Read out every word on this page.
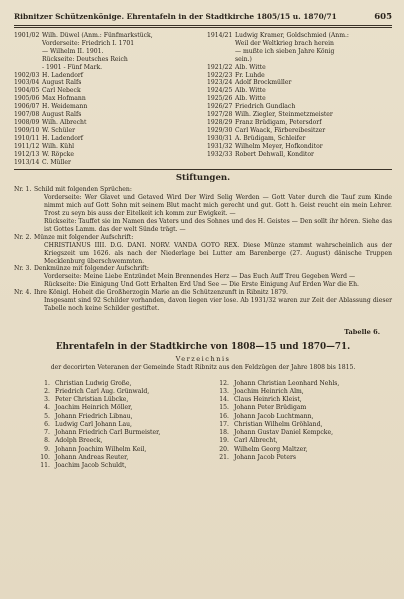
Ribnitzer Schützenkönige. Ehrentafeln in der Stadtkirche 1805/15 u. 1870/71	605
1901/02 Wilh. Düwel (Anm.: Fünfmarkstück,
Vorderseite: Friedrich I. 1701
— Wilhelm II. 1901.
Rückseite: Deutsches Reich
- 1901 - Fünf Mark.
1902/03 H. Ladendorf
1903/04 August Ralfs
1904/05 Carl Nebeck
1905/06 Max Hofmann
1906/07 H. Weidemann
1907/08 August Ralfs
1908/09 Wilh. Albrecht
1909/10 W. Schüler
1910/11 H. Ladendorf
1911/12 Wilh. Kühl
1912/13 W. Röpcke
1913/14 C. Müller
1914/21 Ludwig Kramer, Goldschmied (Anm.:
Weil der Weltkrieg brach herein
— mußte ich sieben Jahre König
sein.)
1921/22 Alb. Witte
1922/23 Fr. Luhde
1923/24 Adolf Brockmüller
1924/25 Alb. Witte
1925/26 Alb. Witte
1926/27 Friedrich Gundlach
1927/28 Wilh. Ziegler, Steinmetzmeister
1928/29 Franz Brüdigam, Petersdorf
1929/30 Carl Waack, Färbereibesitzer
1930/31 A. Brüdigam, Schleifer
1931/32 Wilhelm Meyer, Hofkonditor
1932/33 Robert Dehwall, Konditor
Stiftungen.
Nr. 1. Schild mit folgenden Sprüchen:

Vorderseite: Wer Glavet und Getaved Wird Der Wird Selig Werden — Gott Vater durch die Tauf zum Kinde nimmt mich auf Gott Sohn mit seinem Blut macht mich gerecht und gut. Gott h. Geist reucht ein mein Lehrer. Trost zu seyn bis auss der Eitelkeit ich komm zur Ewigkeit. —

Rückseite: Tauffet sie im Namen des Vaters und des Sohnes und des H. Geistes — Den sollt ihr hören. Siehe das ist Gottes Lamm. das der welt Sünde trägt. —

Nr. 2. Münze mit folgender Aufschrift:

CHRISTIANUS IIII. D.G. DANI. NORV. VANDA GOTO REX. Diese Münze stammt wahrscheinlich aus der Kriegszeit um 1626. als nach der Niederlage bei Lutter am Barenberge (27. August) dänische Truppen Mecklenburg überschwemmten.

Nr. 3. Denkmünze mit folgender Aufschrift:

Vorderseite: Meine Liebe Entzündet Mein Brennendes Herz — Das Euch Auff Treu Gegeben Werd —

Rückseite: Die Einigung Und Gott Erhalten Erd Und See — Die Erste Einigung Auf Erden War die Eh.

Nr. 4. Ihre Königl. Hoheit die Großherzogin Marie an die Schützenzunft in Ribnitz 1879.

Insgesamt sind 92 Schilder vorhanden, davon liegen vier lose. Ab 1931/32 waren zur Zeit der Ablassung dieser Tabelle noch keine Schilder gestiftet.

Tabelle 6.
Ehrentafeln in der Stadtkirche von 1808—15 und 1870—71.
Verzeichnis
der decorirten Veteranen der Gemeinde Stadt Ribnitz aus den Feldzügen der Jahre 1808 bis 1815.
1. Christian Ludwig Große,
2. Friedrich Carl Aug. Grünwald,
3. Peter Christian Lübcke,
4. Joachim Heinrich Möller,
5. Johann Friedrich Libnau,
6. Ludwig Carl Johann Lau,
7. Johann Friedrich Carl Burmeister,
8. Adolph Breeck,
9. Johann Joachim Wilhelm Keil,
10. Johann Andreas Reuter,
11. Joachim Jacob Schuldt,
12. Johann Christian Leonhard Nehls,
13. Joachim Heinrich Alm,
14. Claus Heinrich Kleist,
15. Johann Peter Brüdigam
16. Johann Jacob Luchtmann,
17. Christian Wilhelm Gröhland,
18. Johann Gustav Daniel Kempcke,
19. Carl Albrecht,
20. Wilhelm Georg Maltzer,
21. Johann Jacob Peters
